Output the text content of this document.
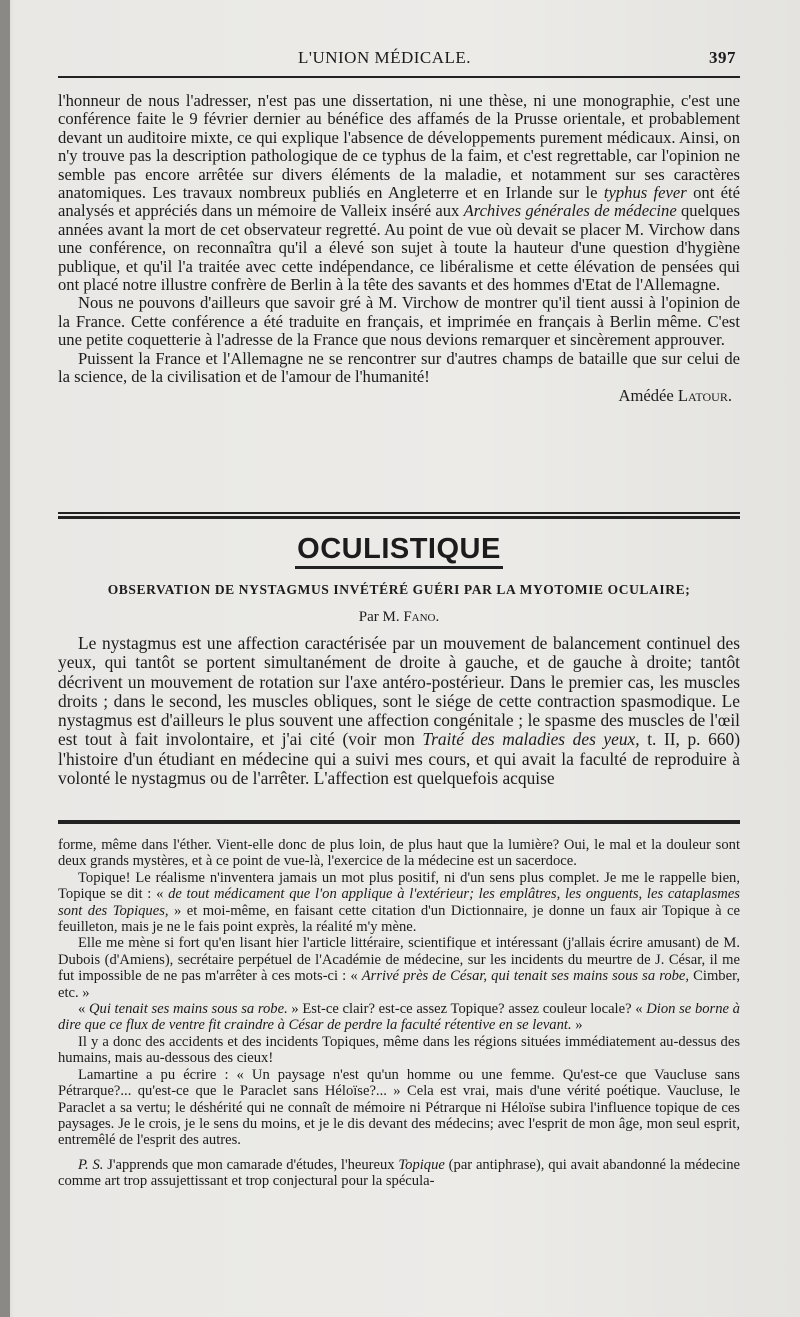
L'UNION MÉDICALE.	397

l'honneur de nous l'adresser, n'est pas une dissertation, ni une thèse, ni une monographie, c'est une conférence faite le 9 février dernier au bénéfice des affamés de la Prusse orientale, et probablement devant un auditoire mixte, ce qui explique l'absence de développements purement médicaux. Ainsi, on n'y trouve pas la description pathologique de ce typhus de la faim, et c'est regrettable, car l'opinion ne semble pas encore arrêtée sur divers éléments de la maladie, et notamment sur ses caractères anatomiques. Les travaux nombreux publiés en Angleterre et en Irlande sur le typhus fever ont été analysés et appréciés dans un mémoire de Valleix inséré aux Archives générales de médecine quelques années avant la mort de cet observateur regretté. Au point de vue où devait se placer M. Virchow dans une conférence, on reconnaîtra qu'il a élevé son sujet à toute la hauteur d'une question d'hygiène publique, et qu'il l'a traitée avec cette indépendance, ce libéralisme et cette élévation de pensées qui ont placé notre illustre confrère de Berlin à la tête des savants et des hommes d'Etat de l'Allemagne.

Nous ne pouvons d'ailleurs que savoir gré à M. Virchow de montrer qu'il tient aussi à l'opinion de la France. Cette conférence a été traduite en français, et imprimée en français à Berlin même. C'est une petite coquetterie à l'adresse de la France que nous devions remarquer et sincèrement approuver.

Puissent la France et l'Allemagne ne se rencontrer sur d'autres champs de bataille que sur celui de la science, de la civilisation et de l'amour de l'humanité!

Amédée Latour.

OCULISTIQUE
OBSERVATION DE NYSTAGMUS INVÉTÉRÉ GUÉRI PAR LA MYOTOMIE OCULAIRE;
Par M. Fano.

Le nystagmus est une affection caractérisée par un mouvement de balancement continuel des yeux, qui tantôt se portent simultanément de droite à gauche, et de gauche à droite; tantôt décrivent un mouvement de rotation sur l'axe antéro-postérieur. Dans le premier cas, les muscles droits ; dans le second, les muscles obliques, sont le siége de cette contraction spasmodique. Le nystagmus est d'ailleurs le plus souvent une affection congénitale ; le spasme des muscles de l'œil est tout à fait involontaire, et j'ai cité (voir mon Traité des maladies des yeux, t. II, p. 660) l'histoire d'un étudiant en médecine qui a suivi mes cours, et qui avait la faculté de reproduire à volonté le nystagmus ou de l'arrêter. L'affection est quelquefois acquise

forme, même dans l'éther. Vient-elle donc de plus loin, de plus haut que la lumière? Oui, le mal et la douleur sont deux grands mystères, et à ce point de vue-là, l'exercice de la médecine est un sacerdoce.

Topique! Le réalisme n'inventera jamais un mot plus positif, ni d'un sens plus complet. Je me le rappelle bien, Topique se dit : « de tout médicament que l'on applique à l'extérieur; les emplâtres, les onguents, les cataplasmes sont des Topiques, » et moi-même, en faisant cette citation d'un Dictionnaire, je donne un faux air Topique à ce feuilleton, mais je ne le fais point exprès, la réalité m'y mène.

Elle me mène si fort qu'en lisant hier l'article littéraire, scientifique et intéressant (j'allais écrire amusant) de M. Dubois (d'Amiens), secrétaire perpétuel de l'Académie de médecine, sur les incidents du meurtre de J. César, il me fut impossible de ne pas m'arrêter à ces mots-ci : « Arrivé près de César, qui tenait ses mains sous sa robe, Cimber, etc. »

« Qui tenait ses mains sous sa robe. » Est-ce clair? est-ce assez Topique? assez couleur locale? « Dion se borne à dire que ce flux de ventre fit craindre à César de perdre la faculté rétentive en se levant. »

Il y a donc des accidents et des incidents Topiques, même dans les régions situées immédiatement au-dessus des humains, mais au-dessous des cieux!

Lamartine a pu écrire : « Un paysage n'est qu'un homme ou une femme. Qu'est-ce que Vaucluse sans Pétrarque?... qu'est-ce que le Paraclet sans Héloïse?... » Cela est vrai, mais d'une vérité poétique. Vaucluse, le Paraclet a sa vertu; le déshérité qui ne connaît de mémoire ni Pétrarque ni Héloïse subira l'influence topique de ces paysages. Je le crois, je le sens du moins, et je le dis devant des médecins; avec l'esprit de mon âge, mon seul esprit, entremêlé de l'esprit des autres.

P. S. J'apprends que mon camarade d'études, l'heureux Topique (par antiphrase), qui avait abandonné la médecine comme art trop assujettissant et trop conjectural pour la spécula-
